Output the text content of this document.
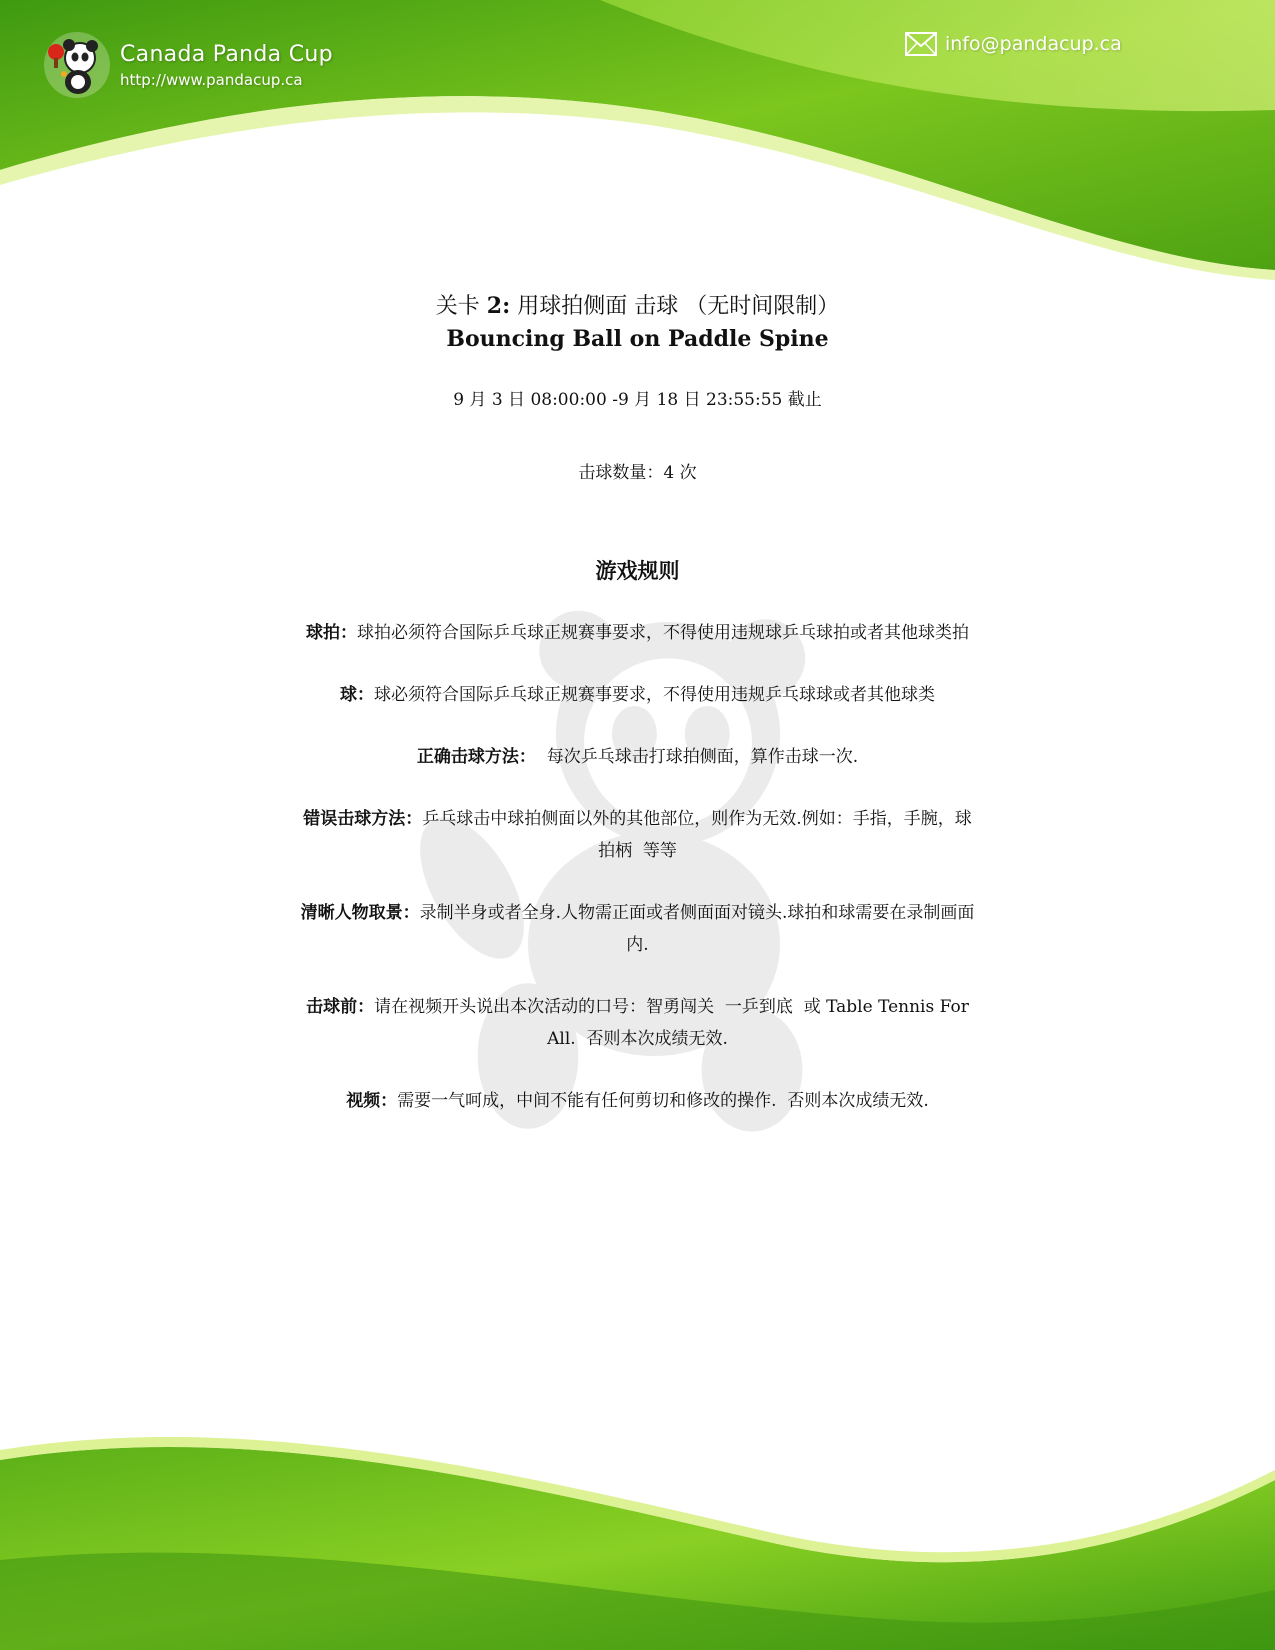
Canada Panda Cup
http://www.pandacup.ca
info@pandacup.ca
关卡 2: 用球拍侧面 击球 （无时间限制）
Bouncing Ball on Paddle Spine
9 月 3 日 08:00:00 -9 月 18 日 23:55:55 截止
击球数量：4 次
游戏规则
球拍：球拍必须符合国际乒乓球正规赛事要求，不得使用违规球乒乓球拍或者其他球类拍
球：球必须符合国际乒乓球正规赛事要求，不得使用违规乒乓球球或者其他球类
正确击球方法：  每次乒乓球击打球拍侧面，算作击球一次.
错误击球方法：乒乓球击中球拍侧面以外的其他部位，则作为无效.例如：手指，手腕，球拍柄  等等
清晰人物取景：录制半身或者全身.人物需正面或者侧面面对镜头.球拍和球需要在录制画面内.
击球前：请在视频开头说出本次活动的口号：智勇闯关  一乒到底  或 Table Tennis For All.  否则本次成绩无效.
视频：需要一气呵成，中间不能有任何剪切和修改的操作.  否则本次成绩无效.
